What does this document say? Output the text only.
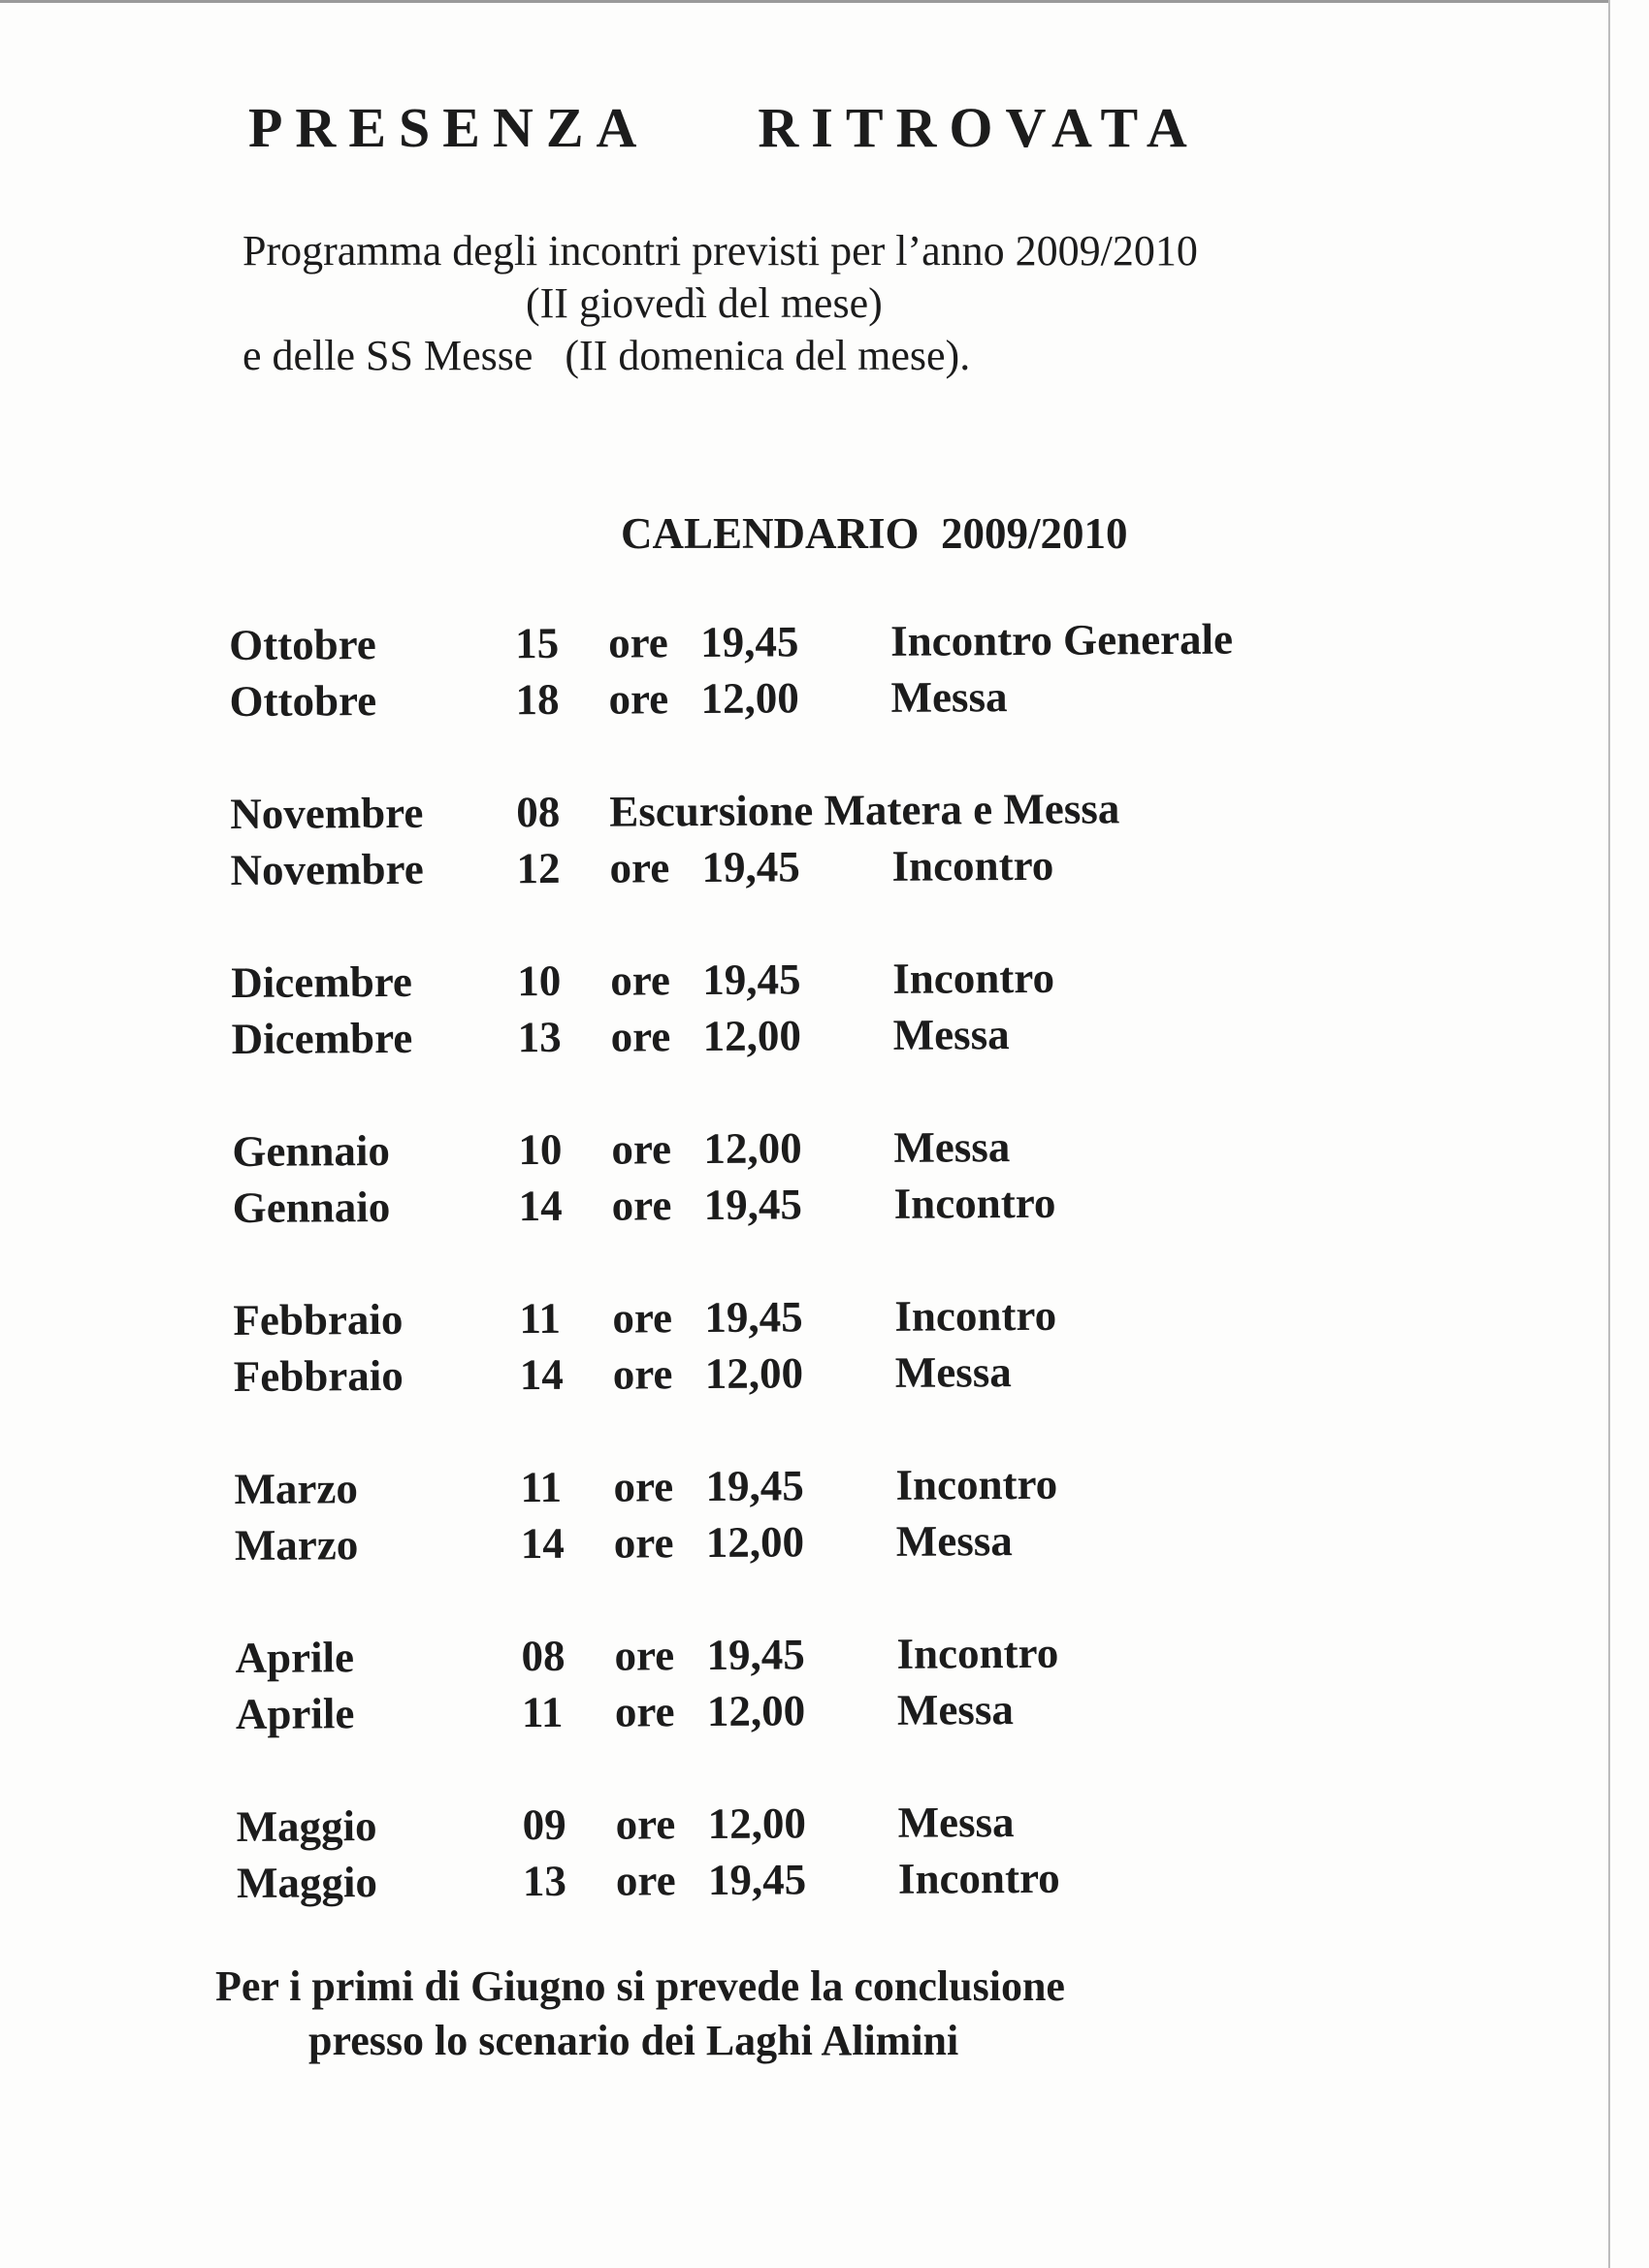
PRESENZA RITROVATA
Programma degli incontri previsti per l’anno 2009/2010
(II giovedì del mese)
e delle SS Messe   (II domenica del mese).
CALENDARIO  2009/2010
Ottobre	15	ore 19,45	Incontro Generale
Ottobre	18	ore 12,00	Messa
Novembre	08	Escursione Matera e Messa
Novembre	12	ore 19,45	Incontro
Dicembre	10	ore 19,45	Incontro
Dicembre	13	ore 12,00	Messa
Gennaio	10	ore 12,00	Messa
Gennaio	14	ore 19,45	Incontro
Febbraio	11	ore 19,45	Incontro
Febbraio	14	ore 12,00	Messa
Marzo	11	ore 19,45	Incontro
Marzo	14	ore 12,00	Messa
Aprile	08	ore 19,45	Incontro
Aprile	11	ore 12,00	Messa
Maggio	09	ore 12,00	Messa
Maggio	13	ore 19,45	Incontro
Per i primi di Giugno si prevede la conclusione
presso lo scenario dei Laghi Alimini
